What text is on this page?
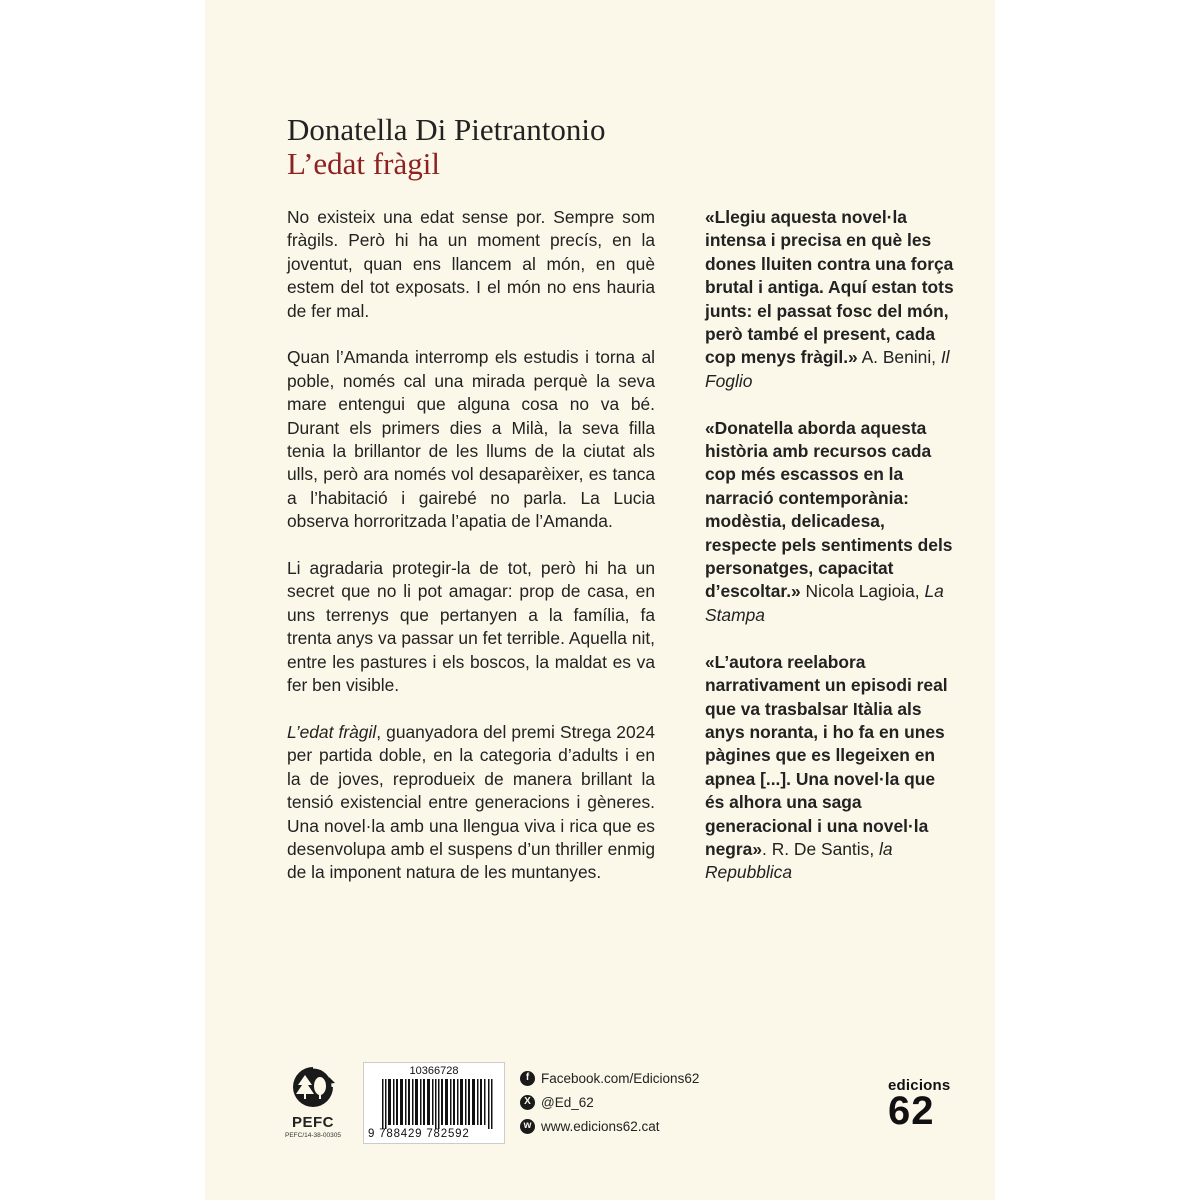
Donatella Di Pietrantonio
L’edat fràgil

No existeix una edat sense por. Sempre som fràgils. Però hi ha un moment precís, en la joventut, quan ens llancem al món, en què estem del tot exposats. I el món no ens hauria de fer mal.

Quan l’Amanda interromp els estudis i torna al poble, només cal una mirada perquè la seva mare entengui que alguna cosa no va bé. Durant els primers dies a Milà, la seva filla tenia la brillantor de les llums de la ciutat als ulls, però ara només vol desaparèixer, es tanca a l’habitació i gairebé no parla. La Lucia observa horroritzada l’apatia de l’Amanda.

Li agradaria protegir-la de tot, però hi ha un secret que no li pot amagar: prop de casa, en uns terrenys que pertanyen a la família, fa trenta anys va passar un fet terrible. Aquella nit, entre les pastures i els boscos, la maldat es va fer ben visible.

L’edat fràgil, guanyadora del premi Strega 2024 per partida doble, en la categoria d’adults i en la de joves, reprodueix de manera brillant la tensió existencial entre generacions i gèneres. Una novel·la amb una llengua viva i rica que es desenvolupa amb el suspens d’un thriller enmig de la imponent natura de les muntanyes.

«Llegiu aquesta novel·la intensa i precisa en què les dones lluiten contra una força brutal i antiga. Aquí estan tots junts: el passat fosc del món, però també el present, cada cop menys fràgil.» A. Benini, Il Foglio

«Donatella aborda aquesta història amb recursos cada cop més escassos en la narració contemporània: modèstia, delicadesa, respecte pels sentiments dels personatges, capacitat d’escoltar.» Nicola Lagioia, La Stampa

«L’autora reelabora narrativament un episodi real que va trasbalsar Itàlia als anys noranta, i ho fa en unes pàgines que es llegeixen en apnea [...]. Una novel·la que és alhora una saga generacional i una novel·la negra». R. De Santis, la Repubblica

PEFC
PEFC/14-38-00305
10366728
9 788429 782592
f Facebook.com/Edicions62
X @Ed_62
w www.edicions62.cat
edicions
62
